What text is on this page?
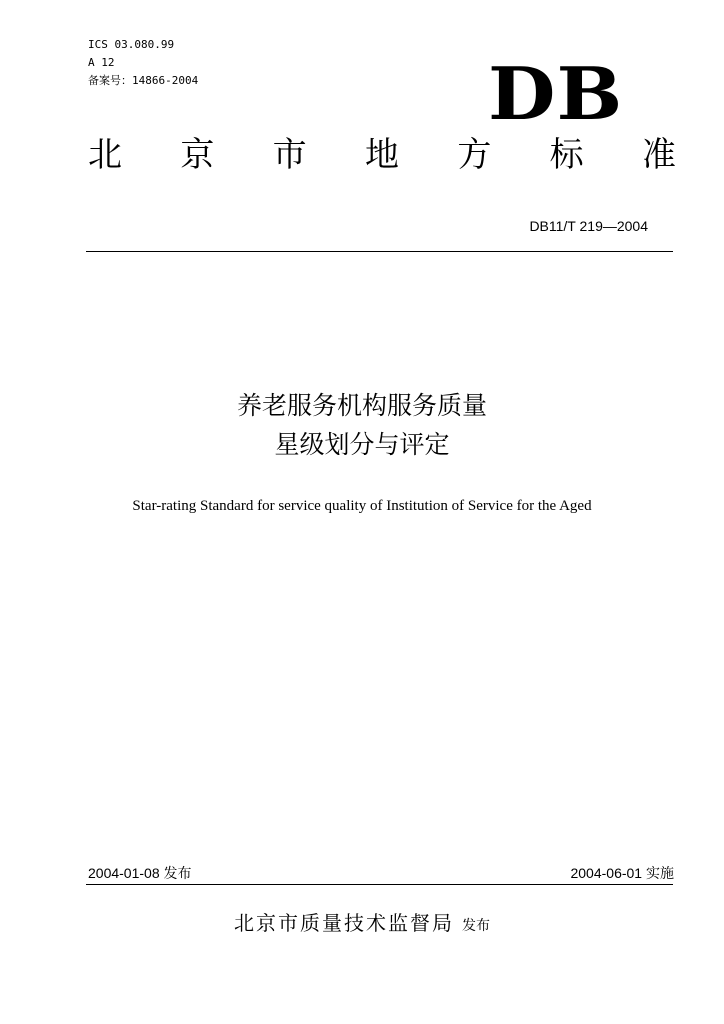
ICS 03.080.99
A 12
备案号：14866-2004	DB
北 京 市 地 方 标 准
DB11/T 219—2004
养老服务机构服务质量
星级划分与评定
Star-rating Standard for service quality of Institution of Service for the Aged
2004-01-08 发布	2004-06-01 实施
北京市质量技术监督局 发布
